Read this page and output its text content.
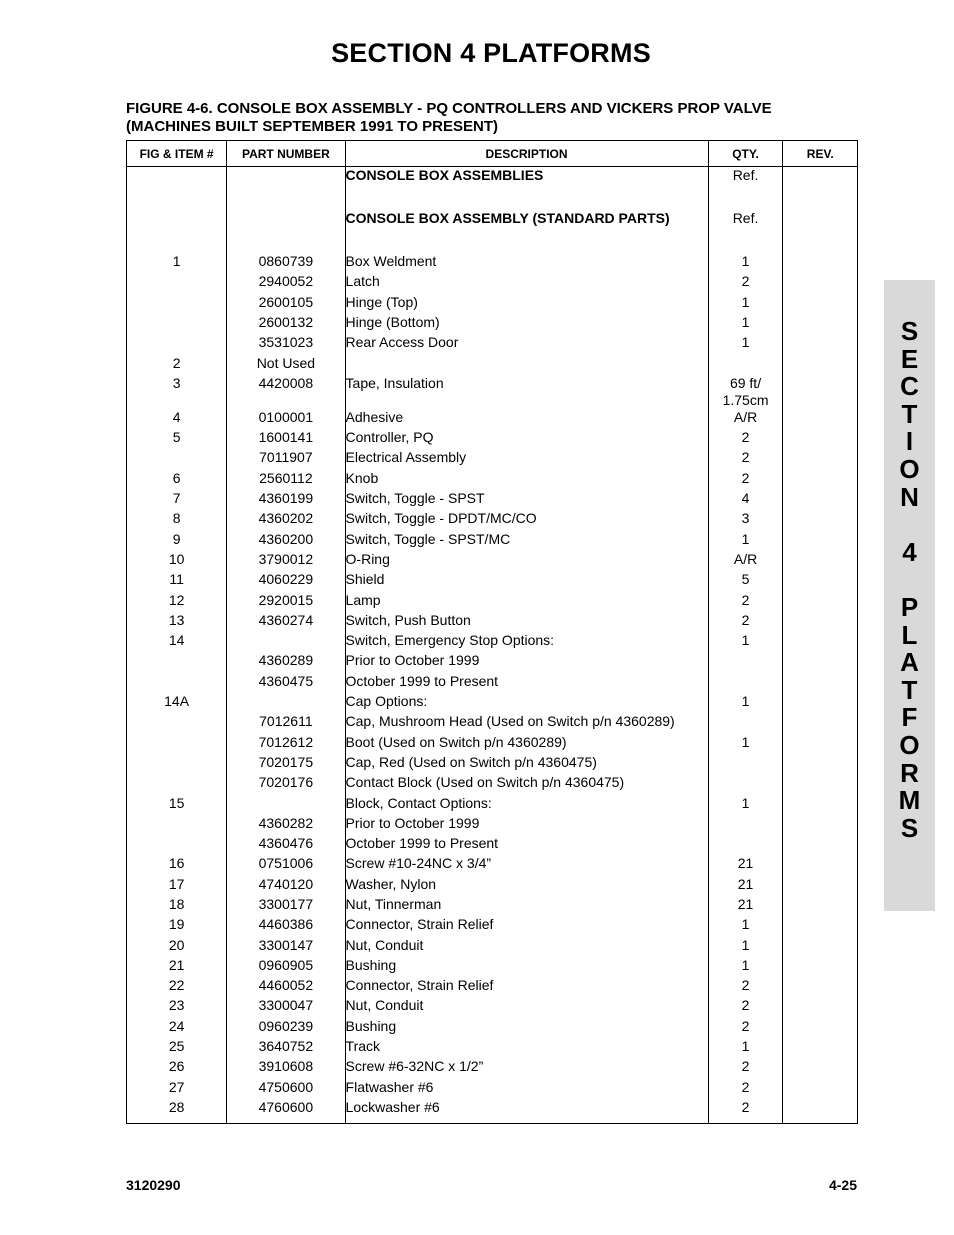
SECTION 4 PLATFORMS
FIGURE 4-6. CONSOLE BOX ASSEMBLY - PQ CONTROLLERS AND VICKERS PROP VALVE
(MACHINES BUILT SEPTEMBER 1991 TO PRESENT)
FIG & ITEM #	PART NUMBER	DESCRIPTION	QTY.	REV.
		CONSOLE BOX ASSEMBLIES	Ref.	

		CONSOLE BOX ASSEMBLY (STANDARD PARTS)	Ref.	

1	0860739	Box Weldment	1	
	2940052	Latch	2	
	2600105	Hinge (Top)	1	
	2600132	Hinge (Bottom)	1	
	3531023	Rear Access Door	1	
2	Not Used			
3	4420008	Tape, Insulation	69 ft/ 1.75cm	
4	0100001	Adhesive	A/R	
5	1600141	Controller, PQ	2	
	7011907	Electrical Assembly	2	
6	2560112	Knob	2	
7	4360199	Switch, Toggle - SPST	4	
8	4360202	Switch, Toggle - DPDT/MC/CO	3	
9	4360200	Switch, Toggle - SPST/MC	1	
10	3790012	O-Ring	A/R	
11	4060229	Shield	5	
12	2920015	Lamp	2	
13	4360274	Switch, Push Button	2	
14		Switch, Emergency Stop Options:	1	
	4360289	Prior to October 1999		
	4360475	October 1999 to Present		
14A		Cap Options:	1	
	7012611	Cap, Mushroom Head (Used on Switch p/n 4360289)		
	7012612	Boot (Used on Switch p/n 4360289)	1	
	7020175	Cap, Red (Used on Switch p/n 4360475)		
	7020176	Contact Block (Used on Switch p/n 4360475)		
15		Block, Contact Options:	1	
	4360282	Prior to October 1999		
	4360476	October 1999 to Present		
16	0751006	Screw #10-24NC x 3/4”	21	
17	4740120	Washer, Nylon	21	
18	3300177	Nut, Tinnerman	21	
19	4460386	Connector, Strain Relief	1	
20	3300147	Nut, Conduit	1	
21	0960905	Bushing	1	
22	4460052	Connector, Strain Relief	2	
23	3300047	Nut, Conduit	2	
24	0960239	Bushing	2	
25	3640752	Track	1	
26	3910608	Screw #6-32NC x 1/2”	2	
27	4750600	Flatwasher #6	2	
28	4760600	Lockwasher #6	2	

S
E
C
T
I
O
N

4

P
L
A
T
F
O
R
M
S
3120290	4-25
